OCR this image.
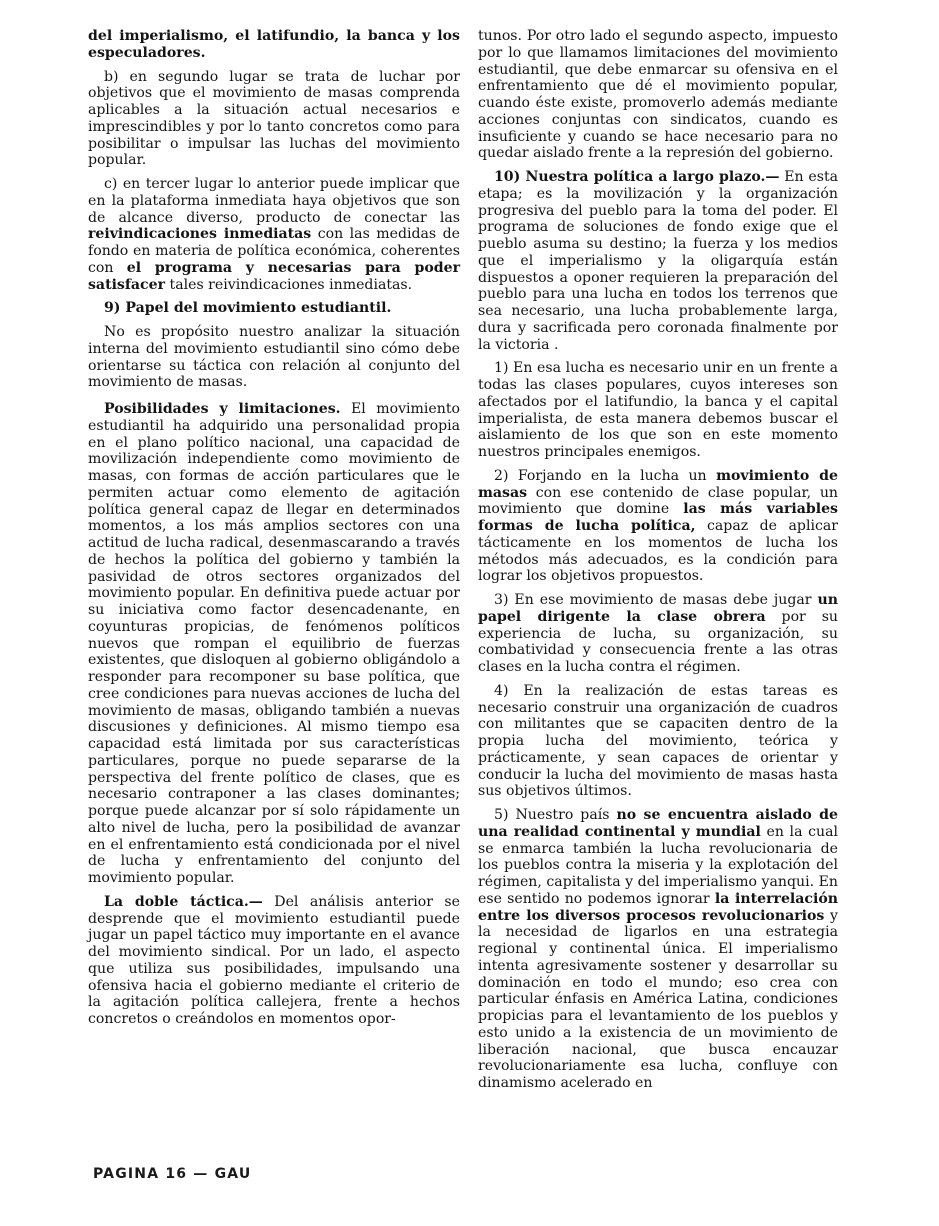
del imperialismo, el latifundio, la banca y los especuladores.

b) en segundo lugar se trata de luchar por objetivos que el movimiento de masas comprenda aplicables a la situación actual necesarios e imprescindibles y por lo tanto concretos como para posibilitar o impulsar las luchas del movimiento popular.

c) en tercer lugar lo anterior puede implicar que en la plataforma inmediata haya objetivos que son de alcance diverso, producto de conectar las reivindicaciones inmediatas con las medidas de fondo en materia de política económica, coherentes con el programa y necesarias para poder satisfacer tales reivindicaciones inmediatas.

9) Papel del movimiento estudiantil.

No es propósito nuestro analizar la situación interna del movimiento estudiantil sino cómo debe orientarse su táctica con relación al conjunto del movimiento de masas.

Posibilidades y limitaciones. El movimiento estudiantil ha adquirido una personalidad propia en el plano político nacional, una capacidad de movilización independiente como movimiento de masas, con formas de acción particulares que le permiten actuar como elemento de agitación política general capaz de llegar en determinados momentos, a los más amplios sectores con una actitud de lucha radical, desenmascarando a través de hechos la política del gobierno y también la pasividad de otros sectores organizados del movimiento popular. En definitiva puede actuar por su iniciativa como factor desencadenante, en coyunturas propicias, de fenómenos políticos nuevos que rompan el equilibrio de fuerzas existentes, que disloquen al gobierno obligándolo a responder para recomponer su base política, que cree condiciones para nuevas acciones de lucha del movimiento de masas, obligando también a nuevas discusiones y definiciones. Al mismo tiempo esa capacidad está limitada por sus características particulares, porque no puede separarse de la perspectiva del frente político de clases, que es necesario contraponer a las clases dominantes; porque puede alcanzar por sí solo rápidamente un alto nivel de lucha, pero la posibilidad de avanzar en el enfrentamiento está condicionada por el nivel de lucha y enfrentamiento del conjunto del movimiento popular.

La doble táctica.— Del análisis anterior se desprende que el movimiento estudiantil puede jugar un papel táctico muy importante en el avance del movimiento sindical. Por un lado, el aspecto que utiliza sus posibilidades, impulsando una ofensiva hacia el gobierno mediante el criterio de la agitación política callejera, frente a hechos concretos o creándolos en momentos opor-

tunos. Por otro lado el segundo aspecto, impuesto por lo que llamamos limitaciones del movimiento estudiantil, que debe enmarcar su ofensiva en el enfrentamiento que dé el movimiento popular, cuando éste existe, promoverlo además mediante acciones conjuntas con sindicatos, cuando es insuficiente y cuando se hace necesario para no quedar aislado frente a la represión del gobierno.

10) Nuestra política a largo plazo.— En esta etapa; es la movilización y la organización progresiva del pueblo para la toma del poder. El programa de soluciones de fondo exige que el pueblo asuma su destino; la fuerza y los medios que el imperialismo y la oligarquía están dispuestos a oponer requieren la preparación del pueblo para una lucha en todos los terrenos que sea necesario, una lucha probablemente larga, dura y sacrificada pero coronada finalmente por la victoria .

1) En esa lucha es necesario unir en un frente a todas las clases populares, cuyos intereses son afectados por el latifundio, la banca y el capital imperialista, de esta manera debemos buscar el aislamiento de los que son en este momento nuestros principales enemigos.

2) Forjando en la lucha un movimiento de masas con ese contenido de clase popular, un movimiento que domine las más variables formas de lucha política, capaz de aplicar tácticamente en los momentos de lucha los métodos más adecuados, es la condición para lograr los objetivos propuestos.

3) En ese movimiento de masas debe jugar un papel dirigente la clase obrera por su experiencia de lucha, su organización, su combatividad y consecuencia frente a las otras clases en la lucha contra el régimen.

4) En la realización de estas tareas es necesario construir una organización de cuadros con militantes que se capaciten dentro de la propia lucha del movimiento, teórica y prácticamente, y sean capaces de orientar y conducir la lucha del movimiento de masas hasta sus objetivos últimos.

5) Nuestro país no se encuentra aislado de una realidad continental y mundial en la cual se enmarca también la lucha revolucionaria de los pueblos contra la miseria y la explotación del régimen, capitalista y del imperialismo yanqui. En ese sentido no podemos ignorar la interrelación entre los diversos procesos revolucionarios y la necesidad de ligarlos en una estrategia regional y continental única. El imperialismo intenta agresivamente sostener y desarrollar su dominación en todo el mundo; eso crea con particular énfasis en América Latina, condiciones propicias para el levantamiento de los pueblos y esto unido a la existencia de un movimiento de liberación nacional, que busca encauzar revolucionariamente esa lucha, confluye con dinamismo acelerado en

PAGINA 16 — GAU
